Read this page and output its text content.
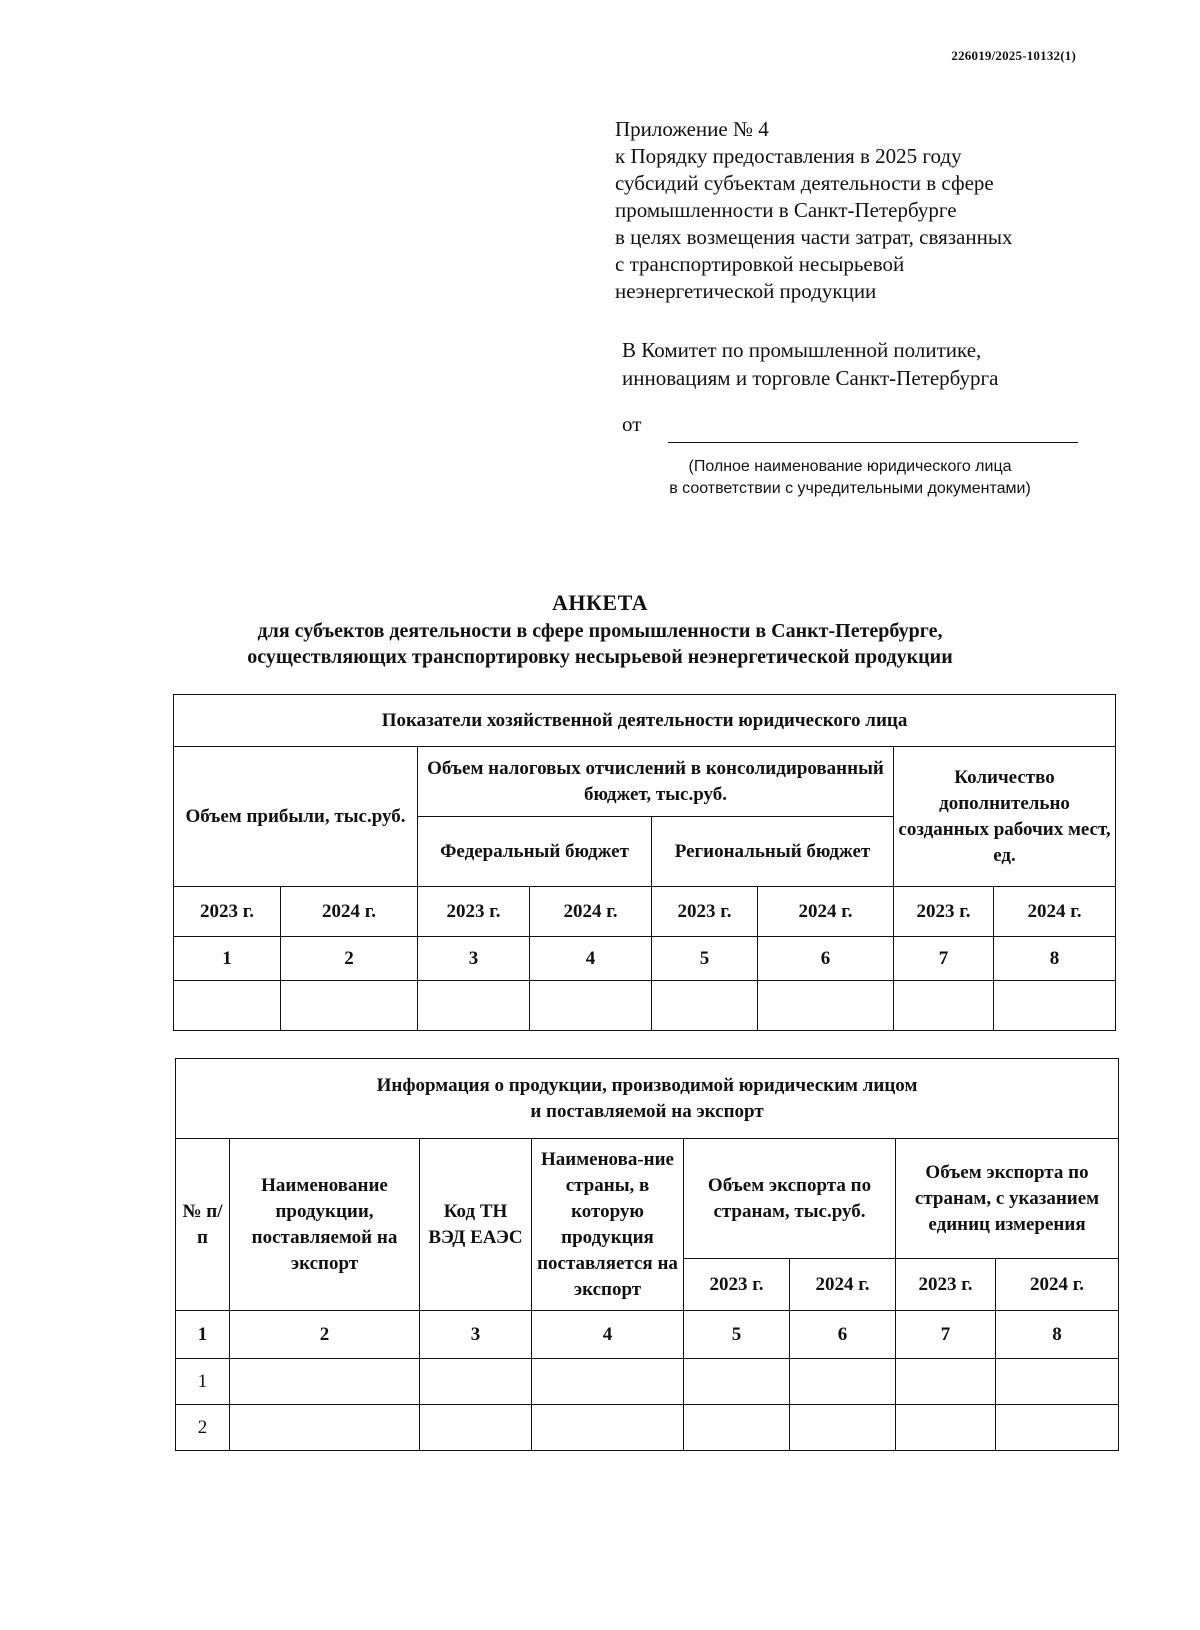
226019/2025-10132(1)
Приложение № 4
к Порядку предоставления в 2025 году
субсидий субъектам деятельности в сфере
промышленности в Санкт-Петербурге
в целях возмещения части затрат, связанных
с транспортировкой несырьевой
неэнергетической продукции
В Комитет по промышленной политике,
инновациям и торговле Санкт-Петербурга
от
(Полное наименование юридического лица
в соответствии с учредительными документами)
АНКЕТА
для субъектов деятельности в сфере промышленности в Санкт-Петербурге,
осуществляющих транспортировку несырьевой неэнергетической продукции
Показатели хозяйственной деятельности юридического лица							
Объем прибыли, тыс.руб.		Объем налоговых отчислений в консолидированный бюджет, тыс.руб.				Количество дополнительно созданных рабочих мест, ед.	
		Федеральный бюджет		Региональный бюджет			
2023 г.	2024 г.	2023 г.	2024 г.	2023 г.	2024 г.	2023 г.	2024 г.
1	2	3	4	5	6	7	8

Информация о продукции, производимой юридическим лицом
и поставляемой на экспорт							

№ п/п	Наименование продукции, поставляемой на экспорт	Код ТН ВЭД ЕАЭС	Наименова-ние страны, в которую продукция поставляется на экспорт	Объем экспорта по странам, тыс.руб.		Объем экспорта по странам, с указанием единиц измерения	
				2023 г.	2024 г.	2023 г.	2024 г.
1	2	3	4	5	6	7	8
1							
2							
